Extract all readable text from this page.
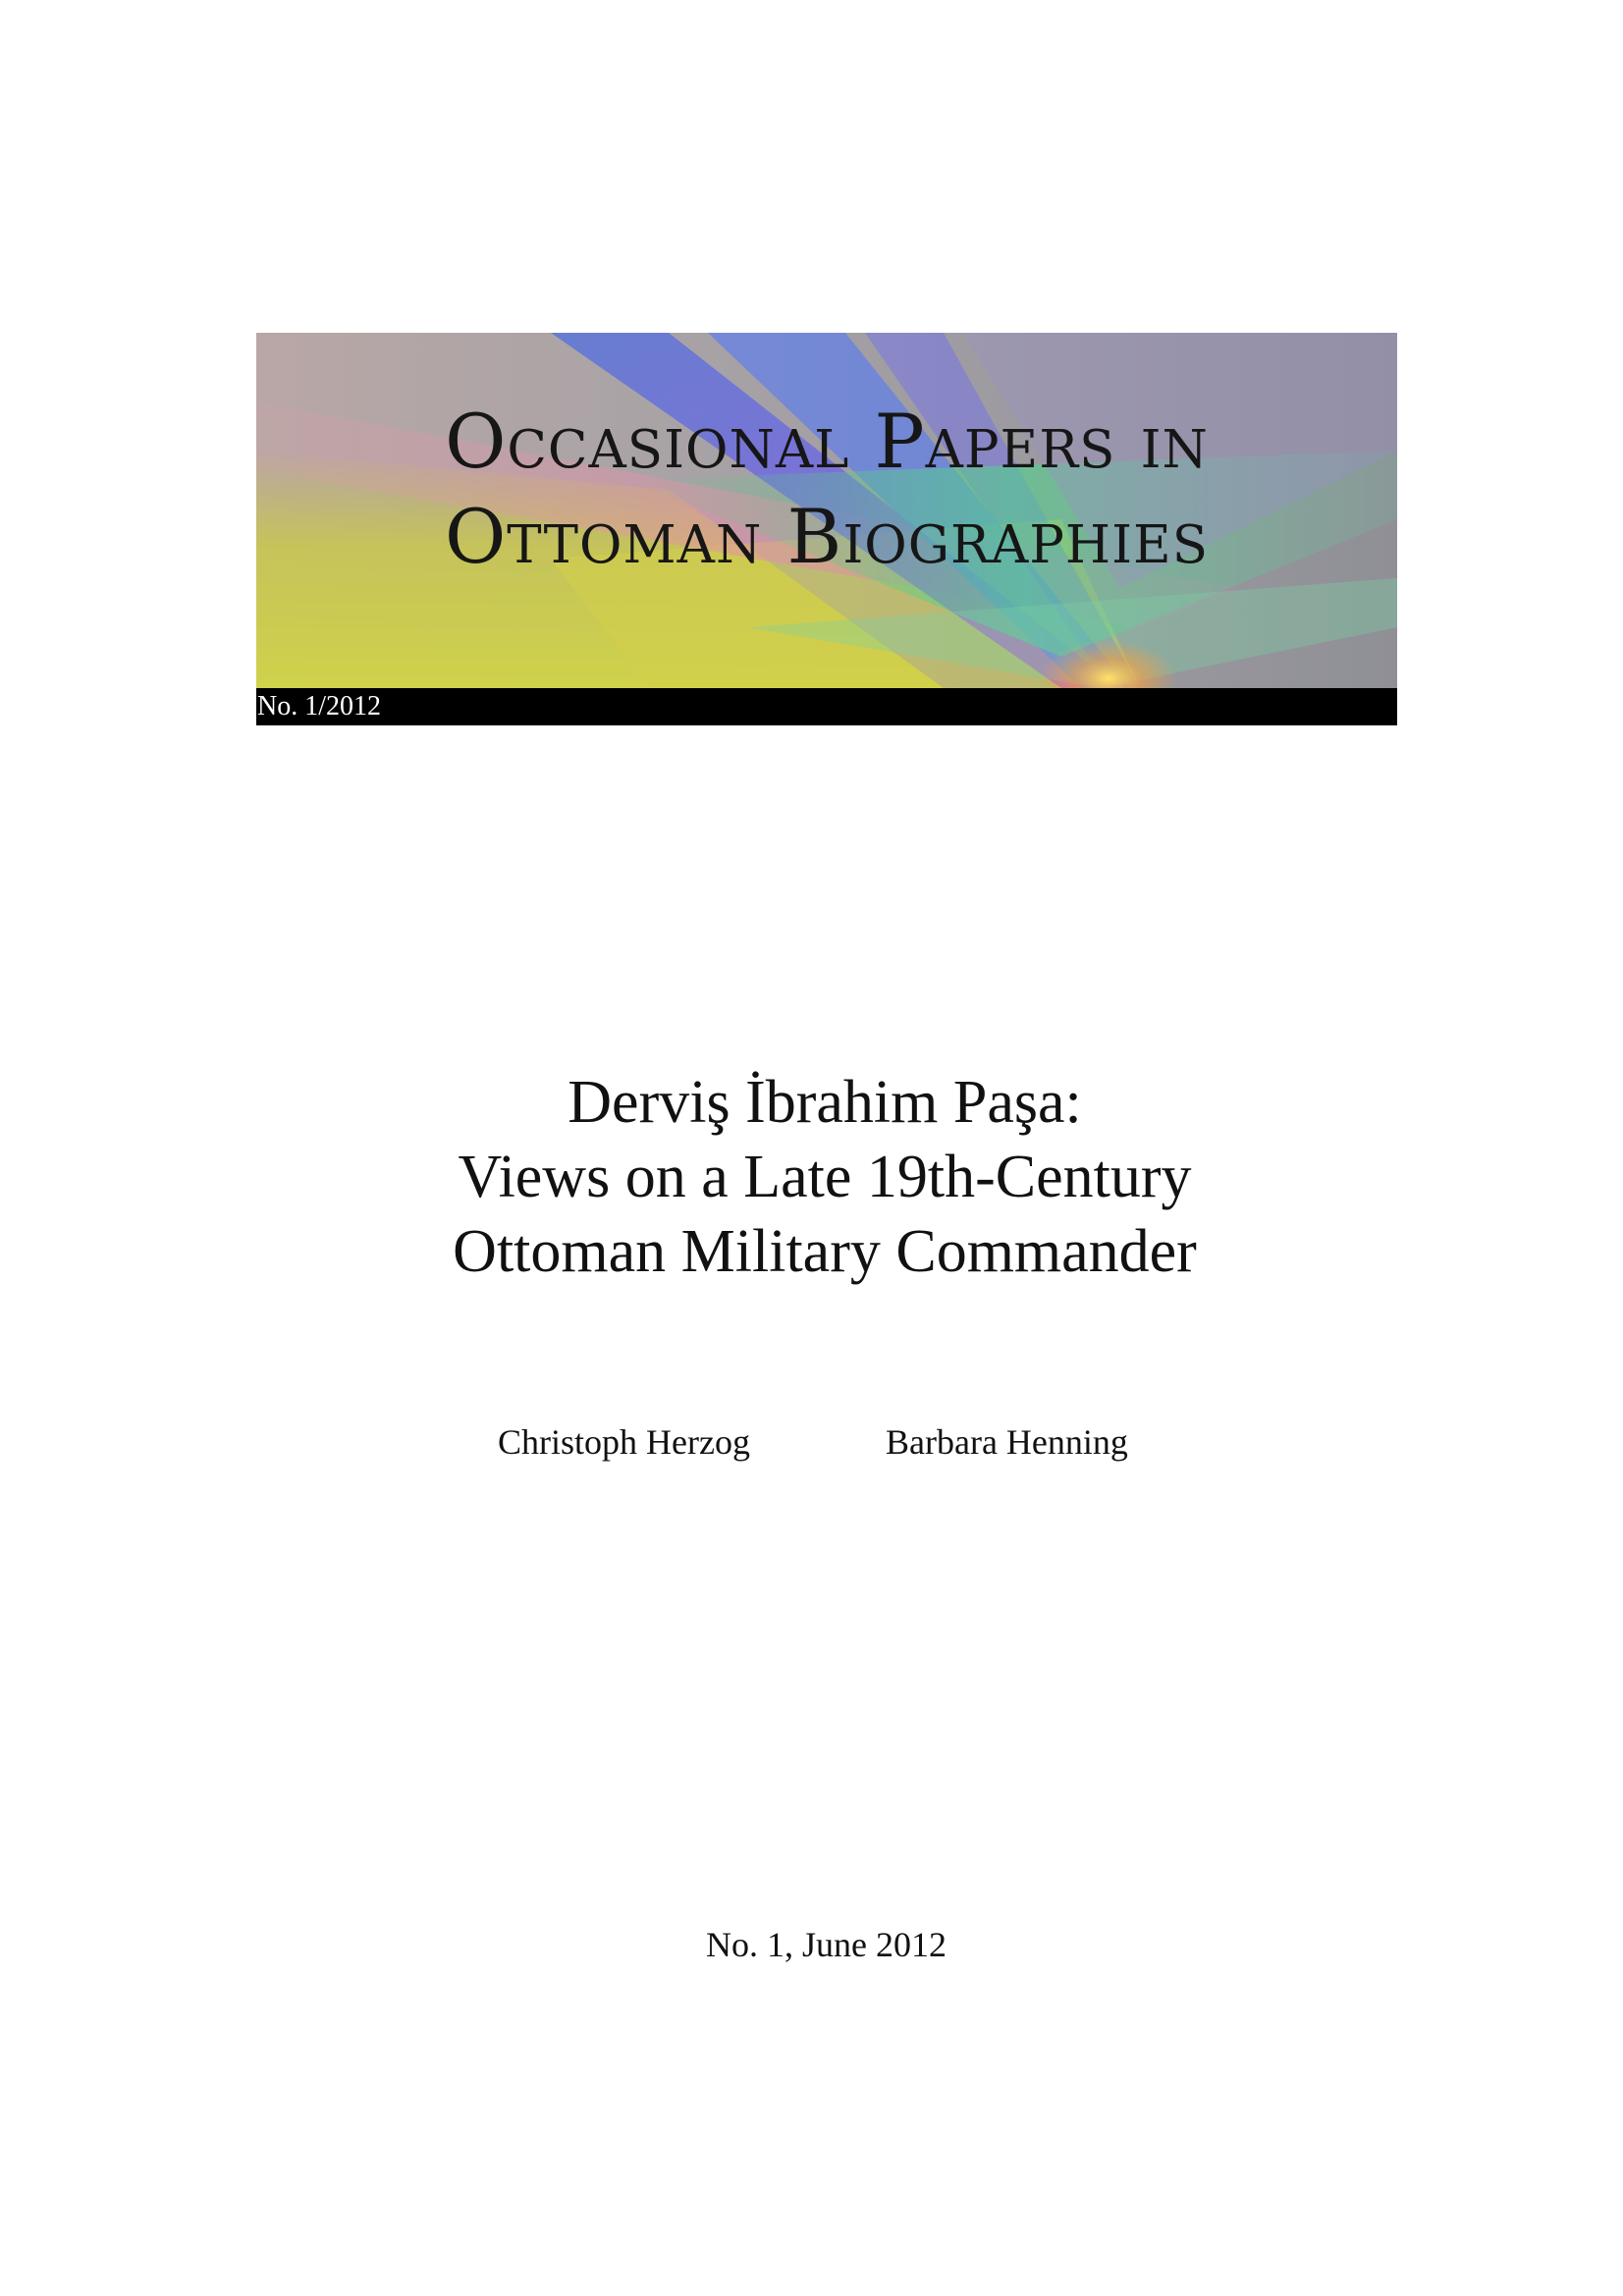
Occasional Papers in
Ottoman Biographies
No. 1/2012
Derviş İbrahim Paşa:
Views on a Late 19th-Century
Ottoman Military Commander
Christoph Herzog	Barbara Henning
No. 1, June 2012
